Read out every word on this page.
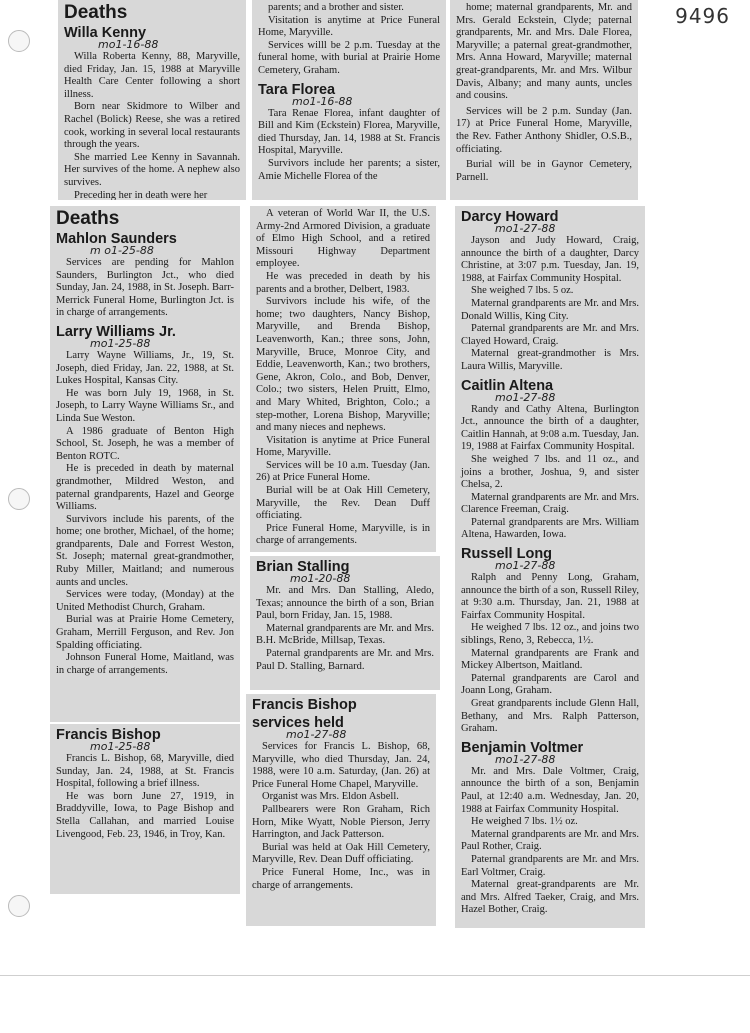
9496
Deaths
Willa Kenny
mo1-16-88

Willa Roberta Kenny, 88, Maryville, died Friday, Jan. 15, 1988 at Maryville Health Care Center following a short illness.

Born near Skidmore to Wilber and Rachel (Bolick) Reese, she was a retired cook, working in several local restaurants through the years.

She married Lee Kenny in Savannah. Her survives of the home. A nephew also survives.

Preceding her in death were her

parents; and a brother and sister.

Visitation is anytime at Price Funeral Home, Maryville.

Services willl be 2 p.m. Tuesday at the funeral home, with burial at Prairie Home Cemetery, Graham.

Tara Florea
mo1-16-88

Tara Renae Florea, infant daughter of Bill and Kim (Eckstein) Florea, Maryville, died Thursday, Jan. 14, 1988 at St. Francis Hospital, Maryville.

Survivors include her parents; a sister, Amie Michelle Florea of the

home; maternal grandparents, Mr. and Mrs. Gerald Eckstein, Clyde; paternal grandparents, Mr. and Mrs. Dale Florea, Maryville; a paternal great-grandmother, Mrs. Anna Howard, Maryville; maternal great-grandparents, Mr. and Mrs. Wilbur Davis, Albany; and many aunts, uncles and cousins.

Services will be 2 p.m. Sunday (Jan. 17) at Price Funeral Home, Maryville, the Rev. Father Anthony Shidler, O.S.B., officiating.

Burial will be in Gaynor Cemetery, Parnell.

Deaths
Mahlon Saunders
m o1-25-88

Services are pending for Mahlon Saunders, Burlington Jct., who died Sunday, Jan. 24, 1988, in St. Joseph. Barr-Merrick Funeral Home, Burlington Jct. is in charge of arrangements.

Larry Williams Jr.
mo1-25-88

Larry Wayne Williams, Jr., 19, St. Joseph, died Friday, Jan. 22, 1988, at St. Lukes Hospital, Kansas City.

He was born July 19, 1968, in St. Joseph, to Larry Wayne Williams Sr., and Linda Sue Weston.

A 1986 graduate of Benton High School, St. Joseph, he was a member of Benton ROTC.

He is preceded in death by maternal grandmother, Mildred Weston, and paternal grandparents, Hazel and George Williams.

Survivors include his parents, of the home; one brother, Michael, of the home; grandparents, Dale and Forrest Weston, St. Joseph; maternal great-grandmother, Ruby Miller, Maitland; and numerous aunts and uncles.

Services were today, (Monday) at the United Methodist Church, Graham.

Burial was at Prairie Home Cemetery, Graham, Merrill Ferguson, and Rev. Jon Spalding officiating.

Johnson Funeral Home, Maitland, was in charge of arrangements.

Francis Bishop
mo1-25-88

Francis L. Bishop, 68, Maryville, died Sunday, Jan. 24, 1988, at St. Francis Hospital, following a brief illness.

He was born June 27, 1919, in Braddyville, Iowa, to Page Bishop and Stella Callahan, and married Louise Livengood, Feb. 23, 1946, in Troy, Kan.

A veteran of World War II, the U.S. Army-2nd Armored Division, a graduate of Elmo High School, and a retired Missouri Highway Department employee.

He was preceded in death by his parents and a brother, Delbert, 1983.

Survivors include his wife, of the home; two daughters, Nancy Bishop, Maryville, and Brenda Bishop, Leavenworth, Kan.; three sons, John, Maryville, Bruce, Monroe City, and Eddie, Leavenworth, Kan.; two brothers, Gene, Akron, Colo., and Bob, Denver, Colo.; two sisters, Helen Pruitt, Elmo, and Mary Whited, Brighton, Colo.; a step-mother, Lorena Bishop, Maryville; and many nieces and nephews.

Visitation is anytime at Price Funeral Home, Maryville.

Services will be 10 a.m. Tuesday (Jan. 26) at Price Funeral Home.

Burial will be at Oak Hill Cemetery, Maryville, the Rev. Dean Duff officiating.

Price Funeral Home, Maryville, is in charge of arrangements.

Brian Stalling
mo1-20-88

Mr. and Mrs. Dan Stalling, Aledo, Texas; announce the birth of a son, Brian Paul, born Friday, Jan. 15, 1988.

Maternal grandparents are Mr. and Mrs. B.H. McBride, Millsap, Texas.

Paternal grandparents are Mr. and Mrs. Paul D. Stalling, Barnard.

Francis Bishop
services held
mo1-27-88

Services for Francis L. Bishop, 68, Maryville, who died Thursday, Jan. 24, 1988, were 10 a.m. Saturday, (Jan. 26) at Price Funeral Home Chapel, Maryville.

Organist was Mrs. Eldon Asbell.

Pallbearers were Ron Graham, Rich Horn, Mike Wyatt, Noble Pierson, Jerry Harrington, and Jack Patterson.

Burial was held at Oak Hill Cemetery, Maryville, Rev. Dean Duff officiating.

Price Funeral Home, Inc., was in charge of arrangements.

Darcy Howard
mo1-27-88

Jayson and Judy Howard, Craig, announce the birth of a daughter, Darcy Christine, at 3:07 p.m. Tuesday, Jan. 19, 1988, at Fairfax Community Hospital.

She weighed 7 lbs. 5 oz.

Maternal grandparents are Mr. and Mrs. Donald Willis, King City.

Paternal grandparents are Mr. and Mrs. Clayed Howard, Craig.

Maternal great-grandmother is Mrs. Laura Willis, Maryville.

Caitlin Altena
mo1-27-88

Randy and Cathy Altena, Burlington Jct., announce the birth of a daughter, Caitlin Hannah, at 9:08 a.m. Tuesday, Jan. 19, 1988 at Fairfax Community Hospital.

She weighed 7 lbs. and 11 oz., and joins a brother, Joshua, 9, and sister Chelsa, 2.

Maternal grandparents are Mr. and Mrs. Clarence Freeman, Craig.

Paternal grandparents are Mrs. William Altena, Hawarden, Iowa.

Russell Long
mo1-27-88

Ralph and Penny Long, Graham, announce the birth of a son, Russell Riley, at 9:30 a.m. Thursday, Jan. 21, 1988 at Fairfax Community Hospital.

He weighed 7 lbs. 12 oz., and joins two siblings, Reno, 3, Rebecca, 1½.

Maternal grandparents are Frank and Mickey Albertson, Maitland.

Paternal grandparents are Carol and Joann Long, Graham.

Great grandparents include Glenn Hall, Bethany, and Mrs. Ralph Patterson, Graham.

Benjamin Voltmer
mo1-27-88

Mr. and Mrs. Dale Voltmer, Craig, announce the birth of a son, Benjamin Paul, at 12:40 a.m. Wednesday, Jan. 20, 1988 at Fairfax Community Hospital.

He weighed 7 lbs. 1½ oz.

Maternal grandparents are Mr. and Mrs. Paul Rother, Craig.

Paternal grandparents are Mr. and Mrs. Earl Voltmer, Craig.

Maternal great-grandparents are Mr. and Mrs. Alfred Taeker, Craig, and Mrs. Hazel Bother, Craig.
